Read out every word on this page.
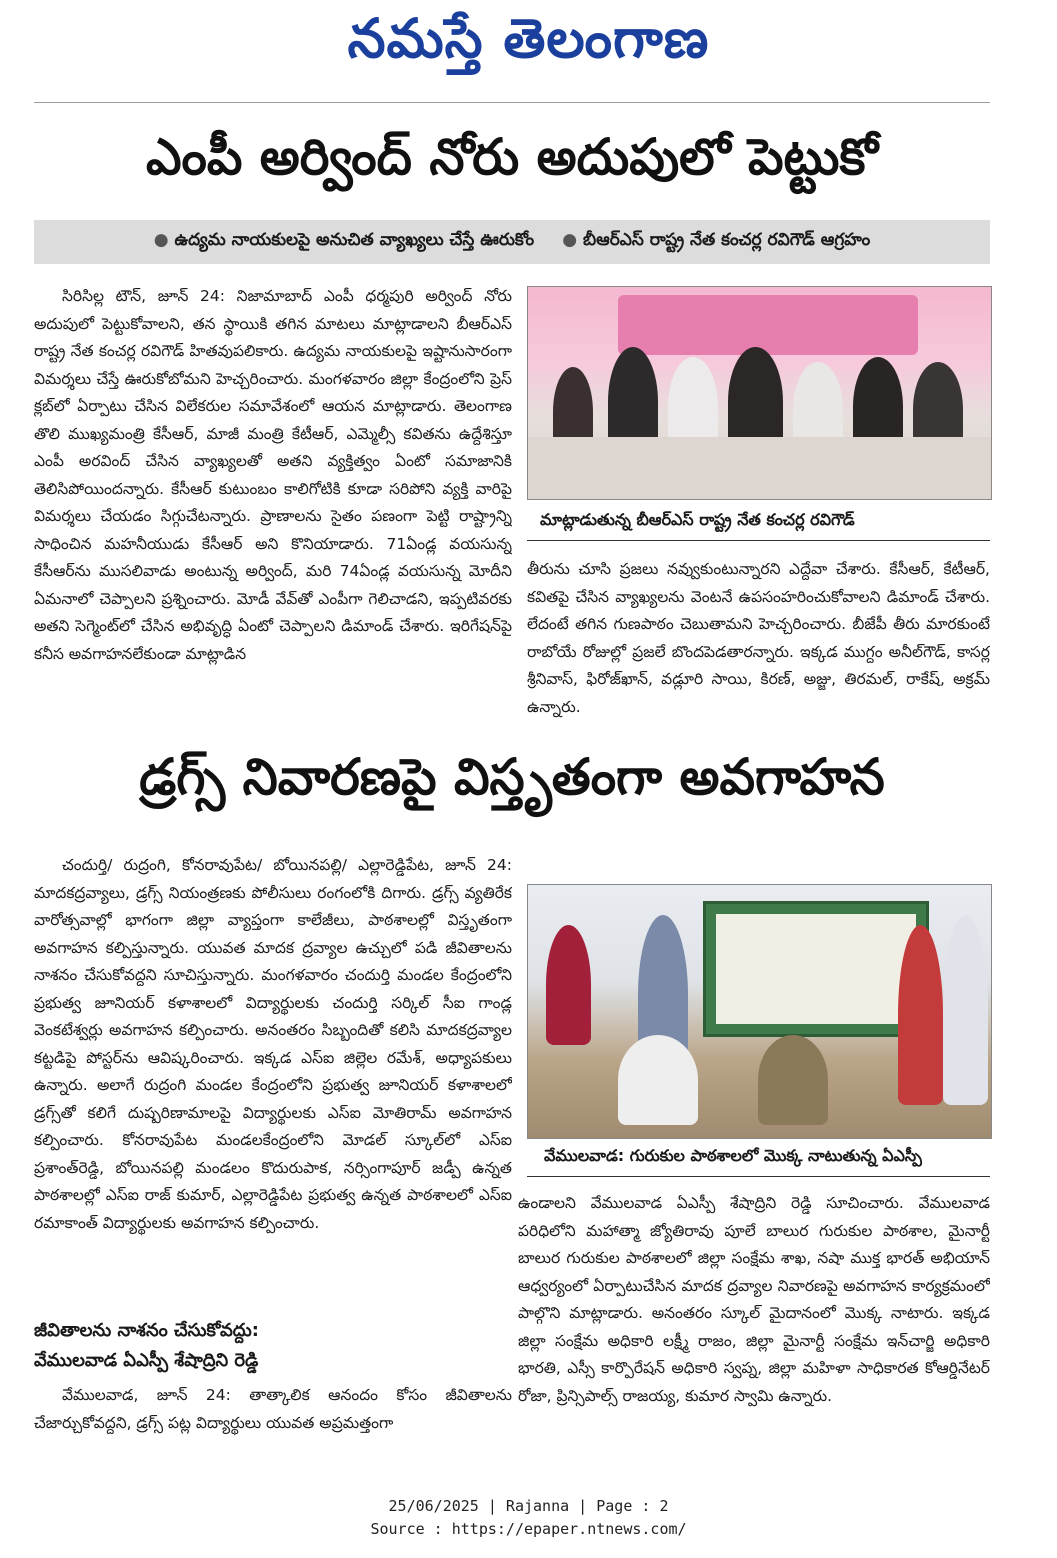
నమస్తే తెలంగాణ
ఎంపీ అర్వింద్ నోరు అదుపులో పెట్టుకో
● ఉద్యమ నాయకులపై అనుచిత వ్యాఖ్యలు చేస్తే ఊరుకోం ● బీఆర్ఎస్ రాష్ట్ర నేత కంచర్ల రవిగౌడ్ ఆగ్రహం

సిరిసిల్ల టౌన్, జూన్ 24: నిజామాబాద్ ఎంపీ ధర్మపురి అర్వింద్ నోరు అదుపులో పెట్టుకోవాలని, తన స్థాయికి తగిన మాటలు మాట్లాడాలని బీఆర్ఎస్ రాష్ట్ర నేత కంచర్ల రవిగౌడ్ హితవుపలికారు. ఉద్యమ నాయకులపై ఇష్టానుసారంగా విమర్శలు చేస్తే ఊరుకోబోమని హెచ్చరించారు. మంగళవారం జిల్లా కేంద్రంలోని ప్రెస్ క్లబ్‌లో ఏర్పాటు చేసిన విలేకరుల సమావేశంలో ఆయన మాట్లాడారు. తెలంగాణ తొలి ముఖ్యమంత్రి కేసీఆర్, మాజీ మంత్రి కేటీఆర్, ఎమ్మెల్సీ కవితను ఉద్దేశిస్తూ ఎంపీ అరవింద్ చేసిన వ్యాఖ్యలతో అతని వ్యక్తిత్వం ఏంటో సమాజానికి తెలిసిపోయిందన్నారు. కేసీఆర్ కుటుంబం కాలిగోటికి కూడా సరిపోని వ్యక్తి వారిపై విమర్శలు చేయడం సిగ్గుచేటన్నారు. ప్రాణాలను సైతం పణంగా పెట్టి రాష్ట్రాన్ని సాధించిన మహనీయుడు కేసీఆర్ అని కొనియాడారు. 71ఏండ్ల వయసున్న కేసీఆర్‌ను ముసలివాడు అంటున్న అర్వింద్, మరి 74ఏండ్ల వయసున్న మోదీని ఏమనాలో చెప్పాలని ప్రశ్నించారు. మోడీ వేవ్‌తో ఎంపీగా గెలిచాడని, ఇప్పటివరకు అతని సెగ్మెంట్‌లో చేసిన అభివృద్ధి ఏంటో చెప్పాలని డిమాండ్ చేశారు. ఇరిగేషన్‌పై కనీస అవగాహనలేకుండా మాట్లాడిన

మాట్లాడుతున్న బీఆర్ఎస్ రాష్ట్ర నేత కంచర్ల రవిగౌడ్

తీరును చూసి ప్రజలు నవ్వుకుంటున్నారని ఎద్దేవా చేశారు. కేసీఆర్, కేటీఆర్, కవితపై చేసిన వ్యాఖ్యలను వెంటనే ఉపసంహరించుకోవాలని డిమాండ్ చేశారు. లేదంటే తగిన గుణపాఠం చెబుతామని హెచ్చరించారు. బీజేపీ తీరు మారకుంటే రాబోయే రోజుల్లో ప్రజలే బొందపెడతారన్నారు. ఇక్కడ ముగ్దం అనీల్‌గౌడ్, కాసర్ల శ్రీనివాస్, ఫిరోజ్‌ఖాన్, వడ్లూరి సాయి, కిరణ్, అజ్జు, తిరమల్, రాకేష్, అక్రమ్ ఉన్నారు.

డ్రగ్స్ నివారణపై విస్తృతంగా అవగాహన

చందుర్తి/ రుద్రంగి, కోనరావుపేట/ బోయినపల్లి/ ఎల్లారెడ్డిపేట, జూన్ 24: మాదకద్రవ్యాలు, డ్రగ్స్ నియంత్రణకు పోలీసులు రంగంలోకి దిగారు. డ్రగ్స్ వ్యతిరేక వారోత్సవాల్లో భాగంగా జిల్లా వ్యాప్తంగా కాలేజీలు, పాఠశాలల్లో విస్తృతంగా అవగాహన కల్పిస్తున్నారు. యువత మాదక ద్రవ్యాల ఉచ్చులో పడి జీవితాలను నాశనం చేసుకోవద్దని సూచిస్తున్నారు. మంగళవారం చందుర్తి మండల కేంద్రంలోని ప్రభుత్వ జూనియర్ కళాశాలలో విద్యార్థులకు చందుర్తి సర్కిల్ సీఐ గాండ్ల వెంకటేశ్వర్లు అవగాహన కల్పించారు. అనంతరం సిబ్బందితో కలిసి మాదకద్రవ్యాల కట్టడిపై పోస్టర్‌ను ఆవిష్కరించారు. ఇక్కడ ఎస్ఐ జిల్లెల రమేశ్, అధ్యాపకులు ఉన్నారు. అలాగే రుద్రంగి మండల కేంద్రంలోని ప్రభుత్వ జూనియర్ కళాశాలలో డ్రగ్స్‌తో కలిగే దుష్పరిణామాలపై విద్యార్థులకు ఎస్ఐ మోతిరామ్ అవగాహన కల్పించారు. కోనరావుపేట మండలకేంద్రంలోని మోడల్ స్కూల్‌లో ఎస్ఐ ప్రశాంత్‌రెడ్డి, బోయినపల్లి మండలం కొదురుపాక, నర్సింగాపూర్ జడ్పీ ఉన్నత పాఠశాలల్లో ఎస్ఐ రాజ్ కుమార్, ఎల్లారెడ్డిపేట ప్రభుత్వ ఉన్నత పాఠశాలలో ఎస్ఐ రమాకాంత్ విద్యార్థులకు అవగాహన కల్పించారు.

జీవితాలను నాశనం చేసుకోవద్దు:
వేములవాడ ఏఎస్పీ శేషాద్రిని రెడ్డి

వేములవాడ, జూన్ 24: తాత్కాలిక ఆనందం కోసం జీవితాలను చేజార్చుకోవద్దని, డ్రగ్స్ పట్ల విద్యార్థులు యువత అప్రమత్తంగా

వేములవాడ: గురుకుల పాఠశాలలో మొక్క నాటుతున్న ఏఎస్పీ

ఉండాలని వేములవాడ ఏఎస్పీ శేషాద్రిని రెడ్డి సూచించారు. వేములవాడ పరిధిలోని మహాత్మా జ్యోతిరావు పూలే బాలుర గురుకుల పాఠశాల, మైనార్టీ బాలుర గురుకుల పాఠశాలలో జిల్లా సంక్షేమ శాఖ, నషా ముక్త భారత్ అభియాన్ ఆధ్వర్యంలో ఏర్పాటుచేసిన మాదక ద్రవ్యాల నివారణపై అవగాహన కార్యక్రమంలో పాల్గొని మాట్లాడారు. అనంతరం స్కూల్ మైదానంలో మొక్క నాటారు. ఇక్కడ జిల్లా సంక్షేమ అధికారి లక్ష్మీ రాజం, జిల్లా మైనార్టీ సంక్షేమ ఇన్‌చార్జి అధికారి భారతి, ఎస్సీ కార్పొరేషన్ అధికారి స్వప్న, జిల్లా మహిళా సాధికారత కోఆర్డినేటర్ రోజా, ప్రిన్సిపాల్స్ రాజయ్య, కుమార స్వామి ఉన్నారు.

25/06/2025 | Rajanna | Page : 2
Source : https://epaper.ntnews.com/
